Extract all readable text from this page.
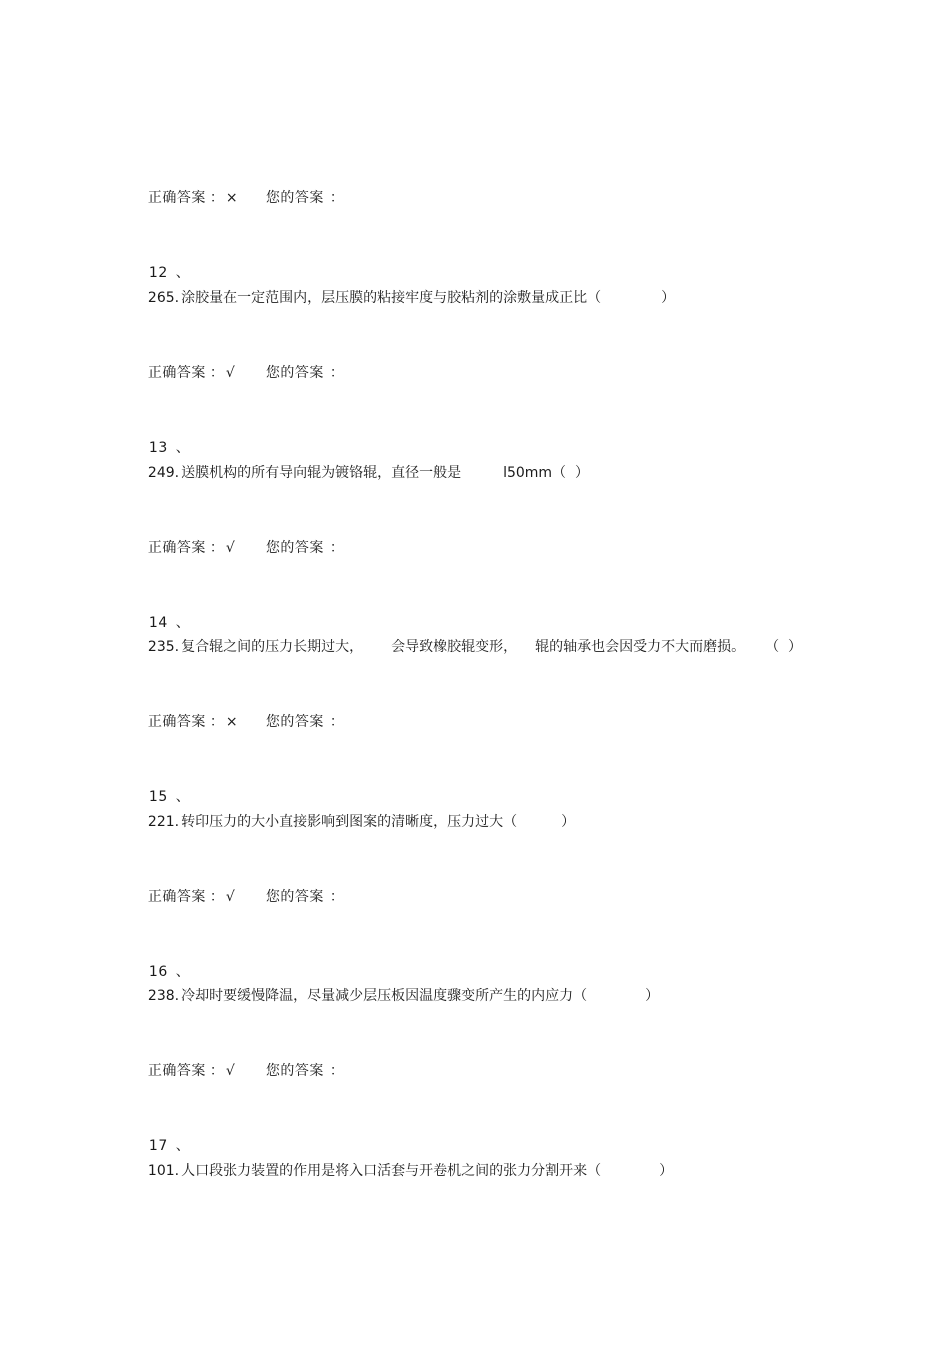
正确答案 ： × 您的答案 ：

12 、

265. 涂胶量在一定范围内，层压膜的粘接牢度与胶粘剂的涂敷量成正比（	）

正确答案 ： √ 您的答案 ：

13 、

249. 送膜机构的所有导向辊为镀铬辊，直径一般是	l50mm（  ）

正确答案 ： √ 您的答案 ：

14 、

235. 复合辊之间的压力长期过大， 会导致橡胶辊变形， 辊的轴承也会因受力不大而磨损。 （  ）

正确答案 ： × 您的答案 ：

15 、

221. 转印压力的大小直接影响到图案的清晰度，压力过大（	）

正确答案 ： √ 您的答案 ：

16 、

238. 冷却时要缓慢降温，尽量减少层压板因温度骤变所产生的内应力（	）

正确答案 ： √ 您的答案 ：

17 、

101. 人口段张力装置的作用是将入口活套与开卷机之间的张力分割开来（	）
